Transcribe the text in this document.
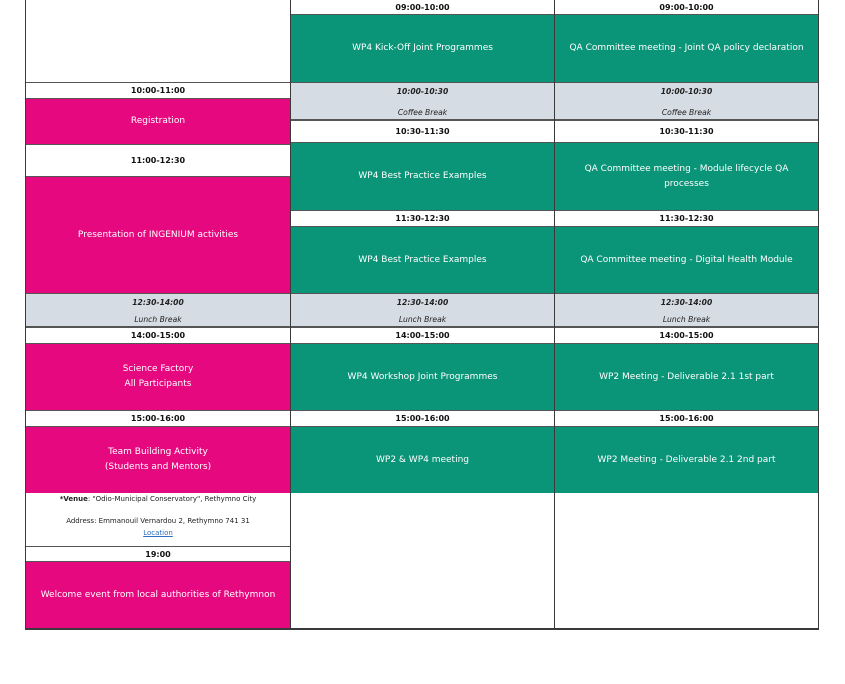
10:00-11:00
Registration
11:00-12:30
Presentation of INGENIUM activities
12:30-14:00
Lunch Break
14:00-15:00
Science Factory
All Participants
15:00-16:00
Team Building Activity
(Students and Mentors)
*Venue: "Odio-Municipal Conservatory", Rethymno City
Address: Emmanouil Vernardou 2, Rethymno 741 31
Location
19:00
Welcome event from local authorities of Rethymnon
09:00-10:00
WP4 Kick-Off Joint Programmes
10:00-10:30
Coffee Break
10:30-11:30
WP4 Best Practice Examples
11:30-12:30
WP4 Best Practice Examples
12:30-14:00
Lunch Break
14:00-15:00
WP4 Workshop Joint Programmes
15:00-16:00
WP2 & WP4 meeting
09:00-10:00
QA Committee meeting - Joint QA policy declaration
10:00-10:30
Coffee Break
10:30-11:30
QA Committee meeting - Module lifecycle QA
processes
11:30-12:30
QA Committee meeting - Digital Health Module
12:30-14:00
Lunch Break
14:00-15:00
WP2 Meeting - Deliverable 2.1 1st part
15:00-16:00
WP2 Meeting - Deliverable 2.1 2nd part
